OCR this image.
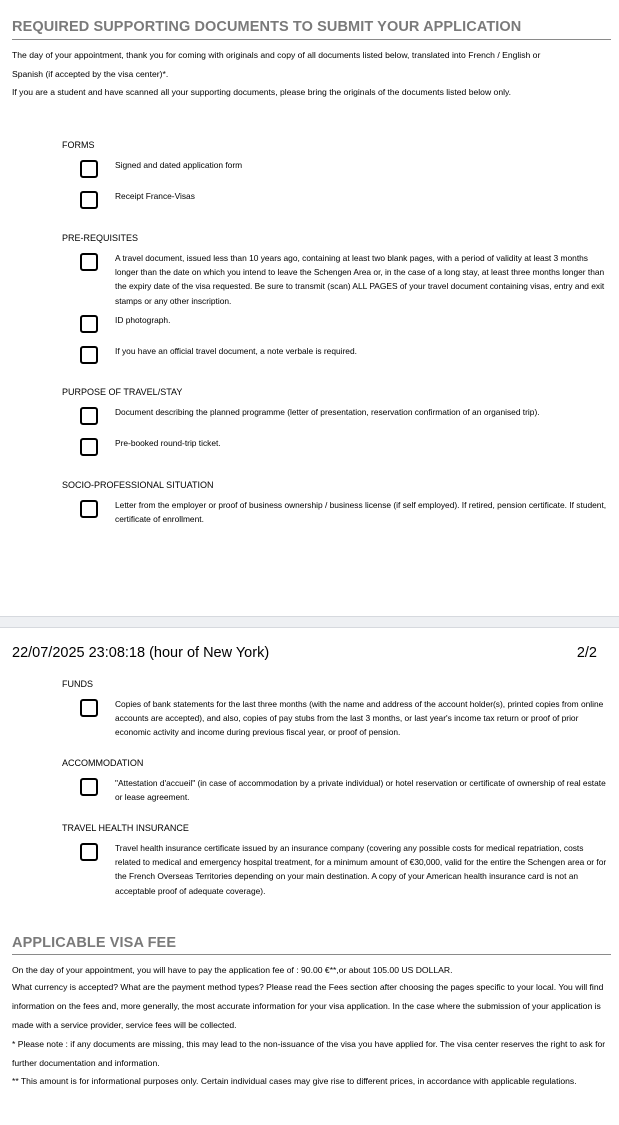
REQUIRED SUPPORTING DOCUMENTS TO SUBMIT YOUR APPLICATION
The day of your appointment, thank you for coming with originals and copy of all documents listed below, translated into French / English or
Spanish (if accepted by the visa center)*.
If you are a student and have scanned all your supporting documents, please bring the originals of the documents listed below only.
FORMS
Signed and dated application form
Receipt France-Visas
PRE-REQUISITES
A travel document, issued less than 10 years ago, containing at least two blank pages, with a period of validity at least 3 months longer than the date on which you intend to leave the Schengen Area or, in the case of a long stay, at least three months longer than the expiry date of the visa requested. Be sure to transmit (scan) ALL PAGES of your travel document containing visas, entry and exit stamps or any other inscription.
ID photograph.
If you have an official travel document, a note verbale is required.
PURPOSE OF TRAVEL/STAY
Document describing the planned programme (letter of presentation, reservation confirmation of an organised trip).
Pre-booked round-trip ticket.
SOCIO-PROFESSIONAL SITUATION
Letter from the employer or proof of business ownership / business license (if self employed). If retired, pension certificate. If student, certificate of enrollment.
22/07/2025 23:08:18 (hour of New York)	2/2
FUNDS
Copies of bank statements for the last three months (with the name and address of the account holder(s), printed copies from online accounts are accepted), and also, copies of pay stubs from the last 3 months, or last year's income tax return or proof of prior economic activity and income during previous fiscal year, or proof of pension.
ACCOMMODATION
"Attestation d'accueil" (in case of accommodation by a private individual) or hotel reservation or certificate of ownership of real estate or lease agreement.
TRAVEL HEALTH INSURANCE
Travel health insurance certificate issued by an insurance company (covering any possible costs for medical repatriation, costs related to medical and emergency hospital treatment, for a minimum amount of €30,000, valid for the entire the Schengen area or for the French Overseas Territories depending on your main destination. A copy of your American health insurance card is not an acceptable proof of adequate coverage).
APPLICABLE VISA FEE
On the day of your appointment, you will have to pay the application fee of : 90.00 €**,or about 105.00 US DOLLAR.
What currency is accepted? What are the payment method types? Please read the Fees section after choosing the pages specific to your local. You will find information on the fees and, more generally, the most accurate information for your visa application. In the case where the submission of your application is made with a service provider, service fees will be collected.
* Please note : if any documents are missing, this may lead to the non-issuance of the visa you have applied for. The visa center reserves the right to ask for further documentation and information.
** This amount is for informational purposes only. Certain individual cases may give rise to different prices, in accordance with applicable regulations.
